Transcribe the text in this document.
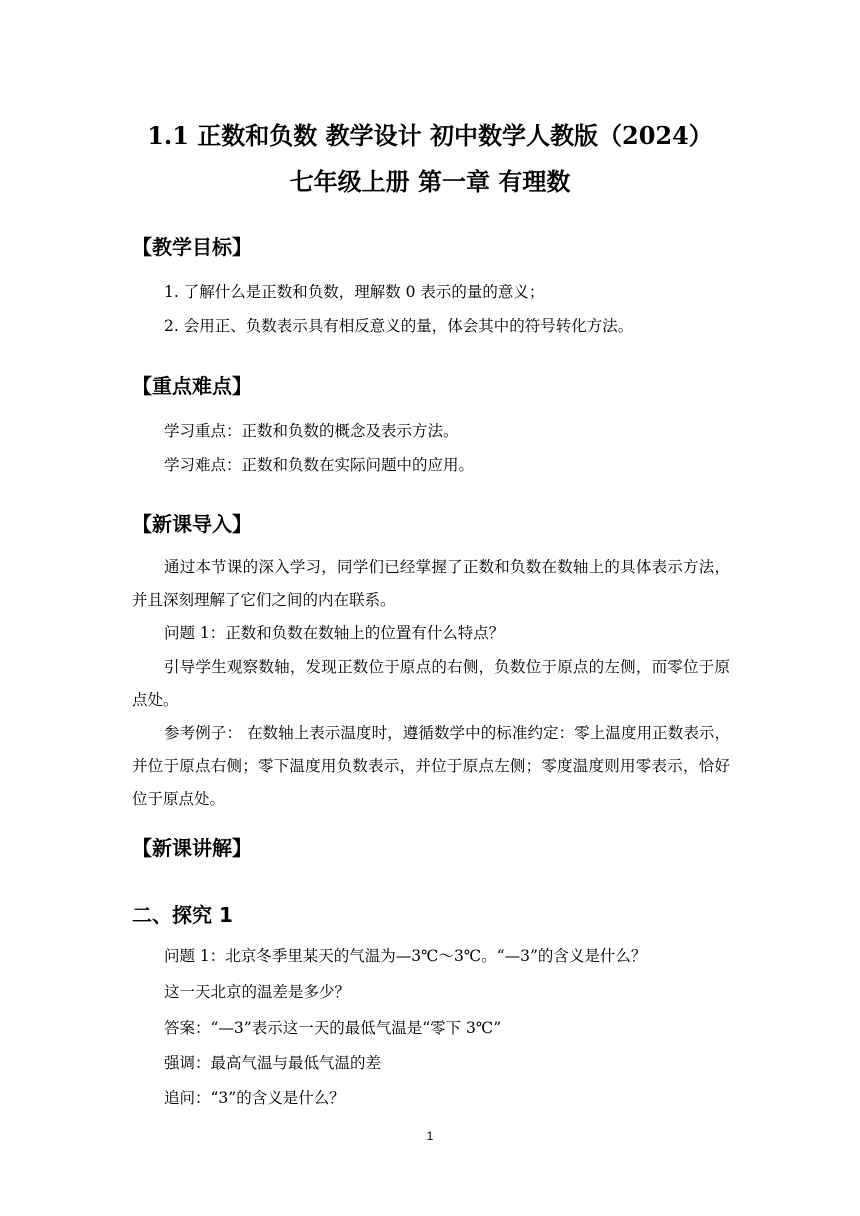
1.1 正数和负数 教学设计 初中数学人教版（2024）
七年级上册 第一章 有理数
【教学目标】
1. 了解什么是正数和负数，理解数 0 表示的量的意义；
2. 会用正、负数表示具有相反意义的量，体会其中的符号转化方法。
【重点难点】
学习重点：正数和负数的概念及表示方法。
学习难点：正数和负数在实际问题中的应用。
【新课导入】
通过本节课的深入学习，同学们已经掌握了正数和负数在数轴上的具体表示方法，并且深刻理解了它们之间的内在联系。
问题 1：正数和负数在数轴上的位置有什么特点？
引导学生观察数轴，发现正数位于原点的右侧，负数位于原点的左侧，而零位于原点处。
参考例子： 在数轴上表示温度时，遵循数学中的标准约定：零上温度用正数表示，并位于原点右侧；零下温度用负数表示，并位于原点左侧；零度温度则用零表示，恰好位于原点处。
【新课讲解】
二、探究 1
问题 1：北京冬季里某天的气温为—3℃～3℃。“—3”的含义是什么？
这一天北京的温差是多少？
答案：“—3”表示这一天的最低气温是“零下 3℃”
强调：最高气温与最低气温的差
追问：“3”的含义是什么？
1
